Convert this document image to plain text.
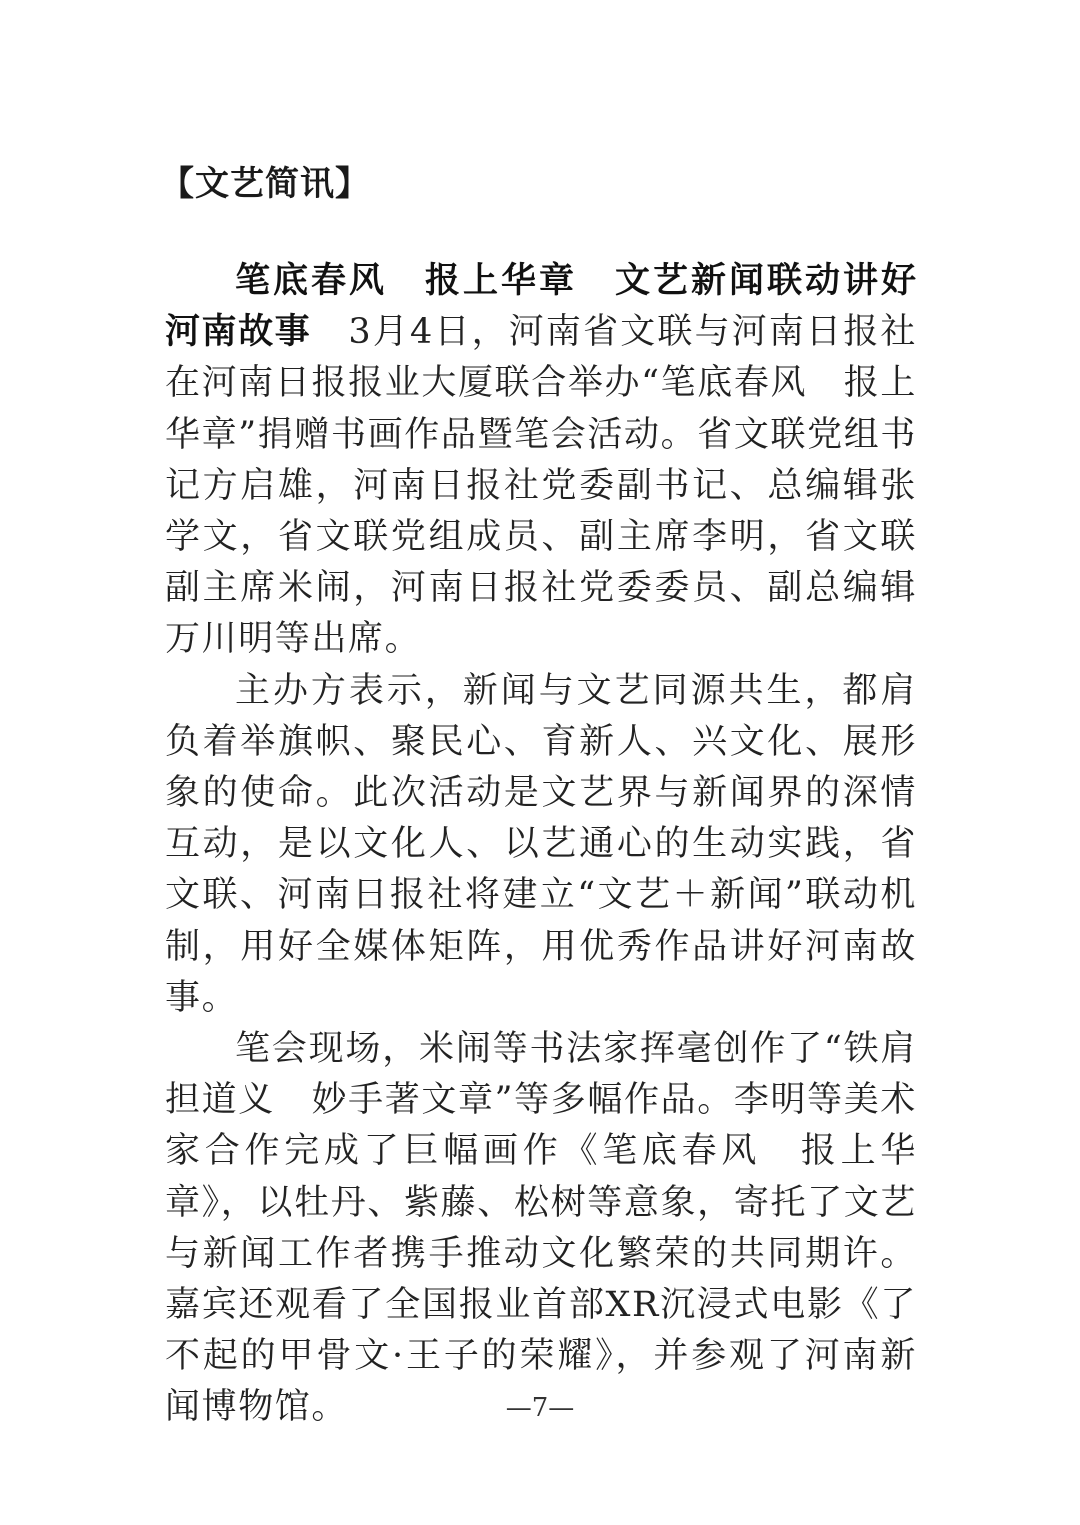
【文艺简讯】

笔底春风　报上华章　文艺新闻联动讲好河南故事　 3月4日，河南省文联与河南日报社在河南日报报业大厦联合举办“笔底春风　报上华章”捐赠书画作品暨笔会活动。省文联党组书记方启雄，河南日报社党委副书记、总编辑张学文，省文联党组成员、副主席李明，省文联副主席米闹，河南日报社党委委员、副总编辑万川明等出席。

主办方表示，新闻与文艺同源共生，都肩负着举旗帜、聚民心、育新人、兴文化、展形象的使命。此次活动是文艺界与新闻界的深情互动，是以文化人、以艺通心的生动实践，省文联、河南日报社将建立“文艺＋新闻”联动机制，用好全媒体矩阵，用优秀作品讲好河南故事。

笔会现场，米闹等书法家挥毫创作了“铁肩担道义　妙手著文章”等多幅作品。李明等美术家合作完成了巨幅画作《笔底春风　报上华章》，以牡丹、紫藤、松树等意象，寄托了文艺与新闻工作者携手推动文化繁荣的共同期许。嘉宾还观看了全国报业首部XR沉浸式电影《了不起的甲骨文·王子的荣耀》，并参观了河南新闻博物馆。	—7—
